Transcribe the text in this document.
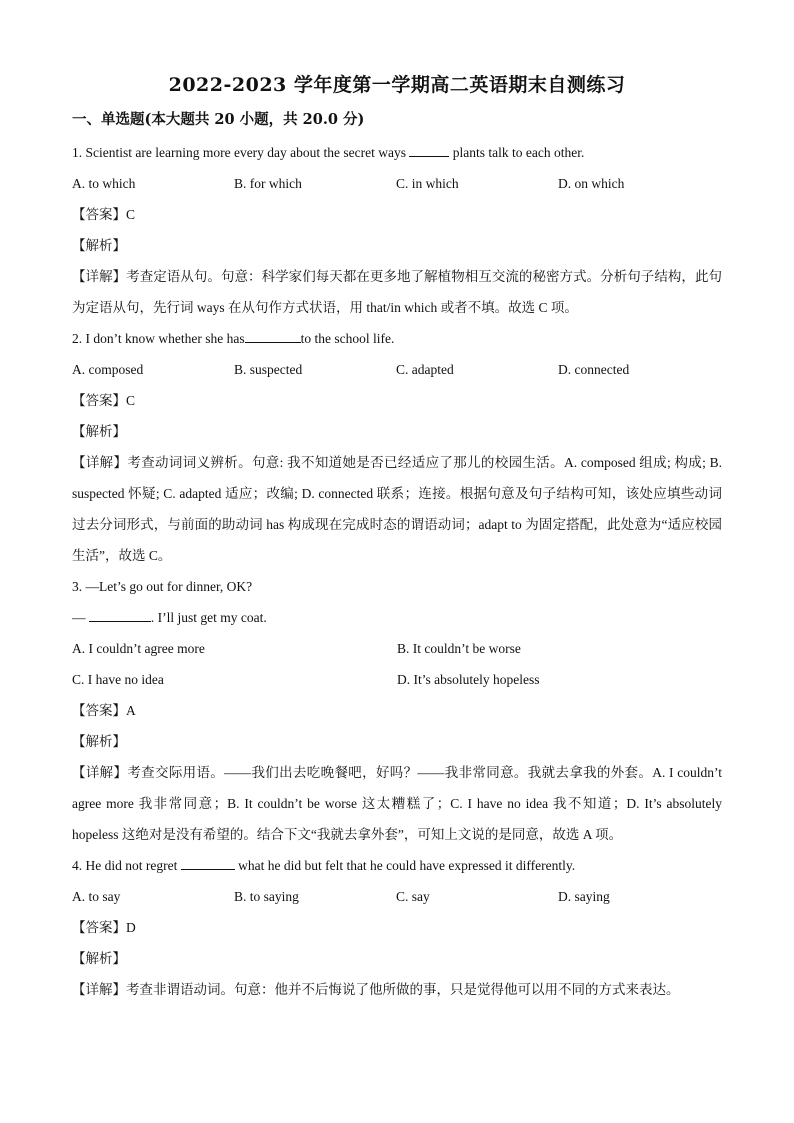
2022-2023 学年度第一学期高二英语期末自测练习
一、单选题(本大题共 20 小题，共 20.0 分)
1. Scientist are learning more every day about the secret ways	plants talk to each other.
A. to which	B. for which	C. in which	D. on which
【答案】C
【解析】
【详解】考查定语从句。句意：科学家们每天都在更多地了解植物相互交流的秘密方式。分析句子结构，此句为定语从句，先行词 ways 在从句作方式状语，用 that/in which 或者不填。故选 C 项。
2. I don’t know whether she has	to the school life.
A. composed	B. suspected	C. adapted	D. connected
【答案】C
【解析】
【详解】考查动词词义辨析。句意: 我不知道她是否已经适应了那儿的校园生活。A. composed 组成; 构成; B. suspected 怀疑; C. adapted 适应；改编; D. connected 联系；连接。根据句意及句子结构可知，该处应填些动词过去分词形式，与前面的助动词 has 构成现在完成时态的谓语动词；adapt to 为固定搭配，此处意为“适应校园生活”，故选 C。
3. —Let’s go out for dinner, OK?
—	. I’ll just get my coat.
A. I couldn’t agree more	B. It couldn’t be worse
C. I have no idea	D. It’s absolutely hopeless
【答案】A
【解析】
【详解】考查交际用语。——我们出去吃晚餐吧，好吗？——我非常同意。我就去拿我的外套。A. I couldn’t agree more 我非常同意；B. It couldn’t be worse 这太糟糕了；C. I have no idea 我不知道；D. It’s absolutely hopeless 这绝对是没有希望的。结合下文“我就去拿外套”，可知上文说的是同意，故选 A 项。
4. He did not regret	what he did but felt that he could have expressed it differently.
A. to say	B. to saying	C. say	D. saying
【答案】D
【解析】
【详解】考查非谓语动词。句意：他并不后悔说了他所做的事，只是觉得他可以用不同的方式来表达。
